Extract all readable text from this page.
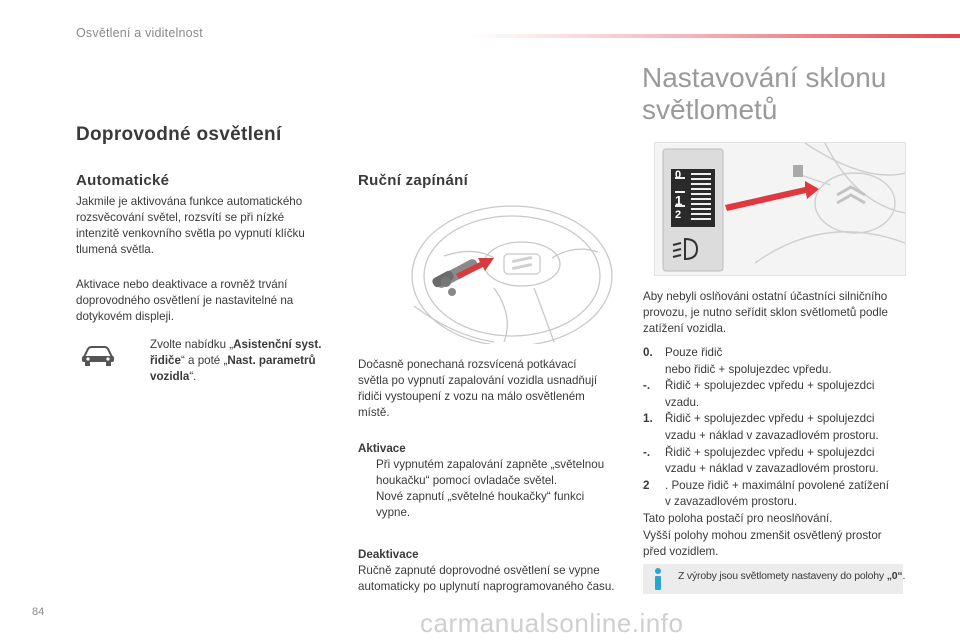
Osvětlení a viditelnost
Doprovodné osvětlení
Automatické
Jakmile je aktivována funkce automatického
rozsvěcování světel, rozsvítí se při nízké
intenzitě venkovního světla po vypnutí klíčku
tlumená světla.
Aktivace nebo deaktivace a rovněž trvání
doprovodného osvětlení je nastavitelné na
dotykovém displeji.
Zvolte nabídku „Asistenční syst.
řidiče“ a poté „Nast. parametrů
vozidla“.
Ruční zapínání
Dočasně ponechaná rozsvícená potkávací
světla po vypnutí zapalování vozidla usnadňují
řidiči vystoupení z vozu na málo osvětleném
místě.
Aktivace
Při vypnutém zapalování zapněte „světelnou
houkačku“ pomocí ovladače světel.
Nové zapnutí „světelné houkačky“ funkci
vypne.
Deaktivace
Ručně zapnuté doprovodné osvětlení se vypne
automaticky po uplynutí naprogramovaného času.
Nastavování sklonu
světlometů
0
1
2
Aby nebyli oslňováni ostatní účastníci silničního
provozu, je nutno seřídit sklon světlometů podle
zatížení vozidla.
0.	Pouze řidič
nebo řidič + spolujezdec vpředu.
-.	Řidič + spolujezdec vpředu + spolujezdci
vzadu.
1.	Řidič + spolujezdec vpředu + spolujezdci
vzadu + náklad v zavazadlovém prostoru.
-.	Řidič + spolujezdec vpředu + spolujezdci
vzadu + náklad v zavazadlovém prostoru.
2	. Pouze řidič + maximální povolené zatížení
v zavazadlovém prostoru.
Tato poloha postačí pro neoslňování.
Vyšší polohy mohou zmenšit osvětlený prostor
před vozidlem.
Z výroby jsou světlomety nastaveny do polohy „0“.
84	carmanualsonline.info
